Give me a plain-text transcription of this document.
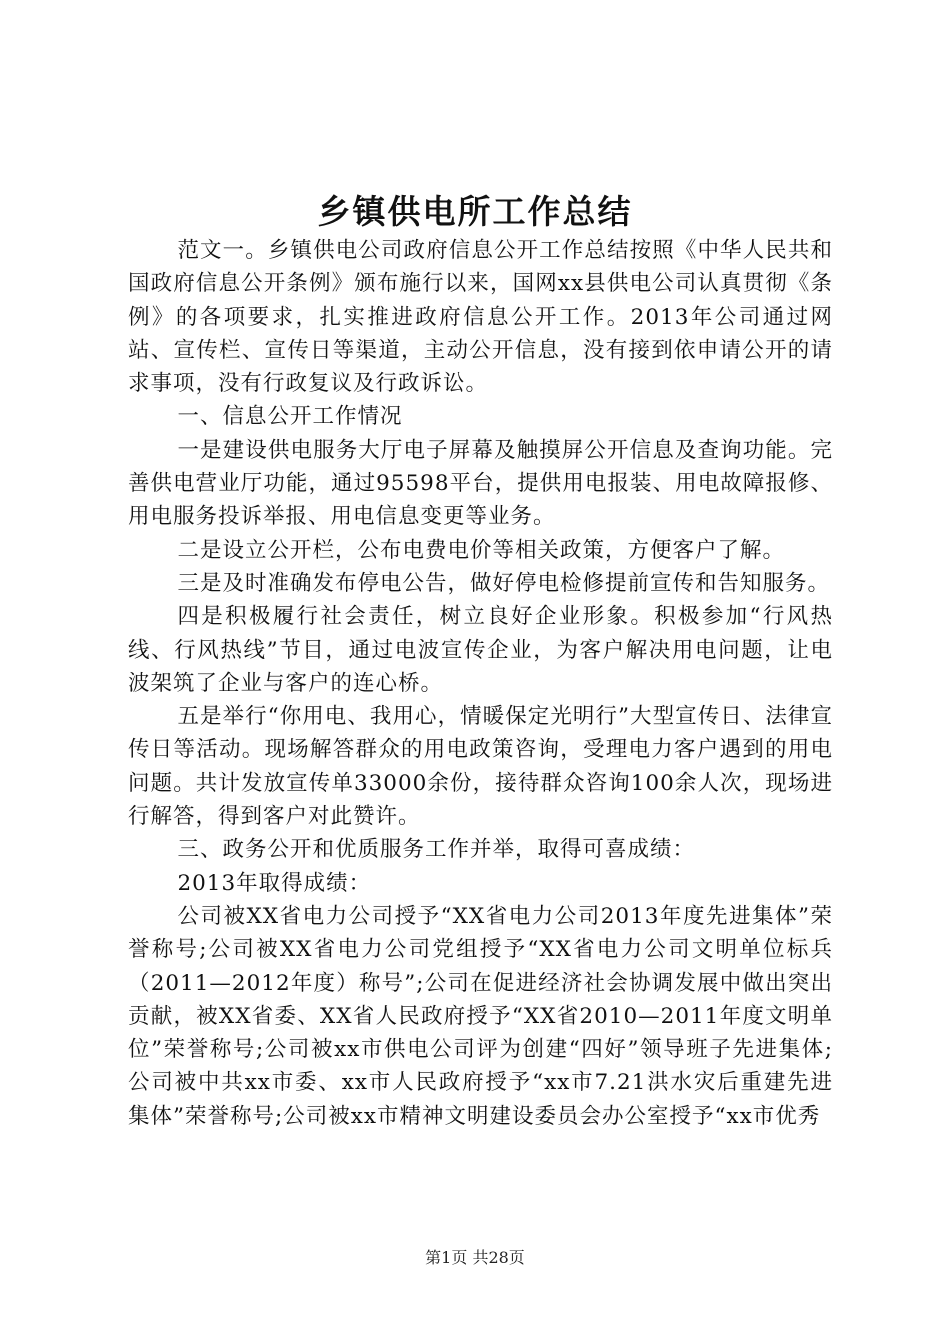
乡镇供电所工作总结

范文一。乡镇供电公司政府信息公开工作总结按照《中华人民共和国政府信息公开条例》颁布施行以来，国网xx县供电公司认真贯彻《条例》的各项要求，扎实推进政府信息公开工作。2013年公司通过网站、宣传栏、宣传日等渠道，主动公开信息，没有接到依申请公开的请求事项，没有行政复议及行政诉讼。

一、信息公开工作情况

一是建设供电服务大厅电子屏幕及触摸屏公开信息及查询功能。完善供电营业厅功能，通过95598平台，提供用电报装、用电故障报修、用电服务投诉举报、用电信息变更等业务。

二是设立公开栏，公布电费电价等相关政策，方便客户了解。

三是及时准确发布停电公告，做好停电检修提前宣传和告知服务。

四是积极履行社会责任，树立良好企业形象。积极参加“行风热线、行风热线”节目，通过电波宣传企业，为客户解决用电问题，让电波架筑了企业与客户的连心桥。

五是举行“你用电、我用心，情暖保定光明行”大型宣传日、法律宣传日等活动。现场解答群众的用电政策咨询，受理电力客户遇到的用电问题。共计发放宣传单33000余份，接待群众咨询100余人次，现场进行解答，得到客户对此赞许。

三、政务公开和优质服务工作并举，取得可喜成绩：

2013年取得成绩：

公司被XX省电力公司授予“XX省电力公司2013年度先进集体”荣誉称号;公司被XX省电力公司党组授予“XX省电力公司文明单位标兵（2011—2012年度）称号”;公司在促进经济社会协调发展中做出突出贡献，被XX省委、XX省人民政府授予“XX省2010—2011年度文明单位”荣誉称号;公司被xx市供电公司评为创建“四好”领导班子先进集体;公司被中共xx市委、xx市人民政府授予“xx市7.21洪水灾后重建先进集体”荣誉称号;公司被xx市精神文明建设委员会办公室授予“xx市优秀

第1页 共28页
